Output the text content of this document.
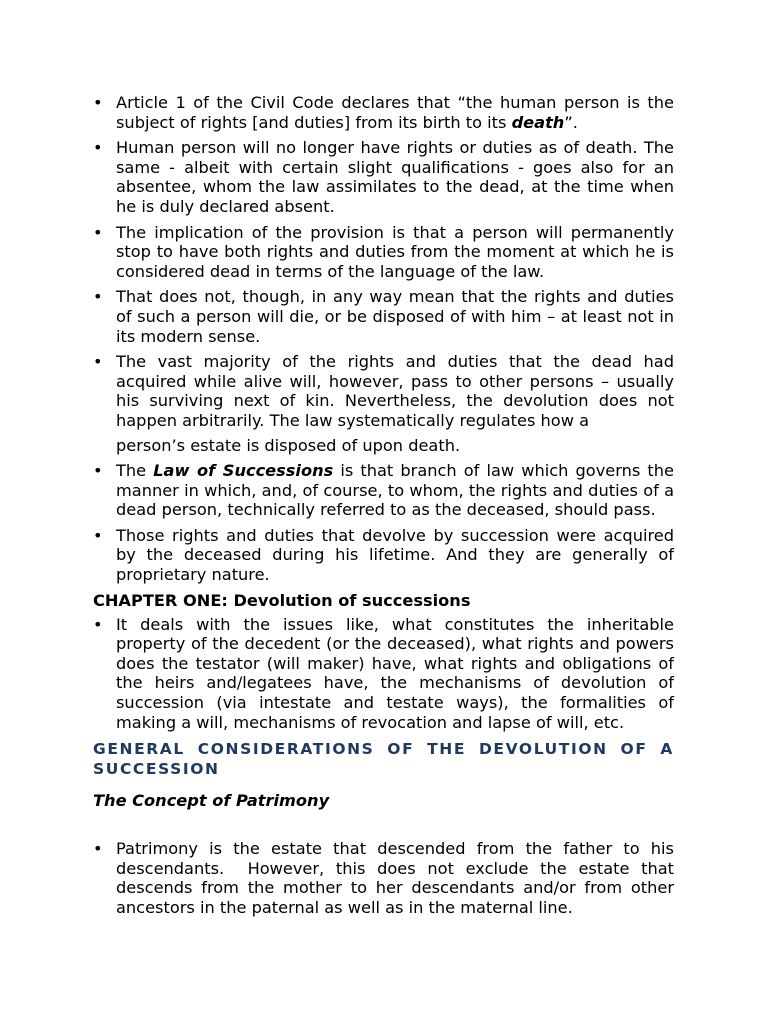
• Article 1 of the Civil Code declares that “the human person is the subject of rights [and duties] from its birth to its death”.
• Human person will no longer have rights or duties as of death. The same - albeit with certain slight qualifications - goes also for an absentee, whom the law assimilates to the dead, at the time when he is duly declared absent.
• The implication of the provision is that a person will permanently stop to have both rights and duties from the moment at which he is considered dead in terms of the language of the law.
• That does not, though, in any way mean that the rights and duties of such a person will die, or be disposed of with him – at least not in its modern sense.
• The vast majority of the rights and duties that the dead had acquired while alive will, however, pass to other persons – usually his surviving next of kin. Nevertheless, the devolution does not happen arbitrarily. The law systematically regulates how a

person’s estate is disposed of upon death.

• The Law of Successions is that branch of law which governs the manner in which, and, of course, to whom, the rights and duties of a dead person, technically referred to as the deceased, should pass.
• Those rights and duties that devolve by succession were acquired by the deceased during his lifetime. And they are generally of proprietary nature.
CHAPTER ONE: Devolution of successions
• It deals with the issues like, what constitutes the inheritable property of the decedent (or the deceased), what rights and powers does the testator (will maker) have, what rights and obligations of the heirs and/legatees have, the mechanisms of devolution of succession (via intestate and testate ways), the formalities of making a will, mechanisms of revocation and lapse of will, etc.
GENERAL CONSIDERATIONS OF THE DEVOLUTION OF A SUCCESSION
The Concept of Patrimony
• Patrimony is the estate that descended from the father to his descendants.  However, this does not exclude the estate that descends from the mother to her descendants and/or from other ancestors in the paternal as well as in the maternal line.
